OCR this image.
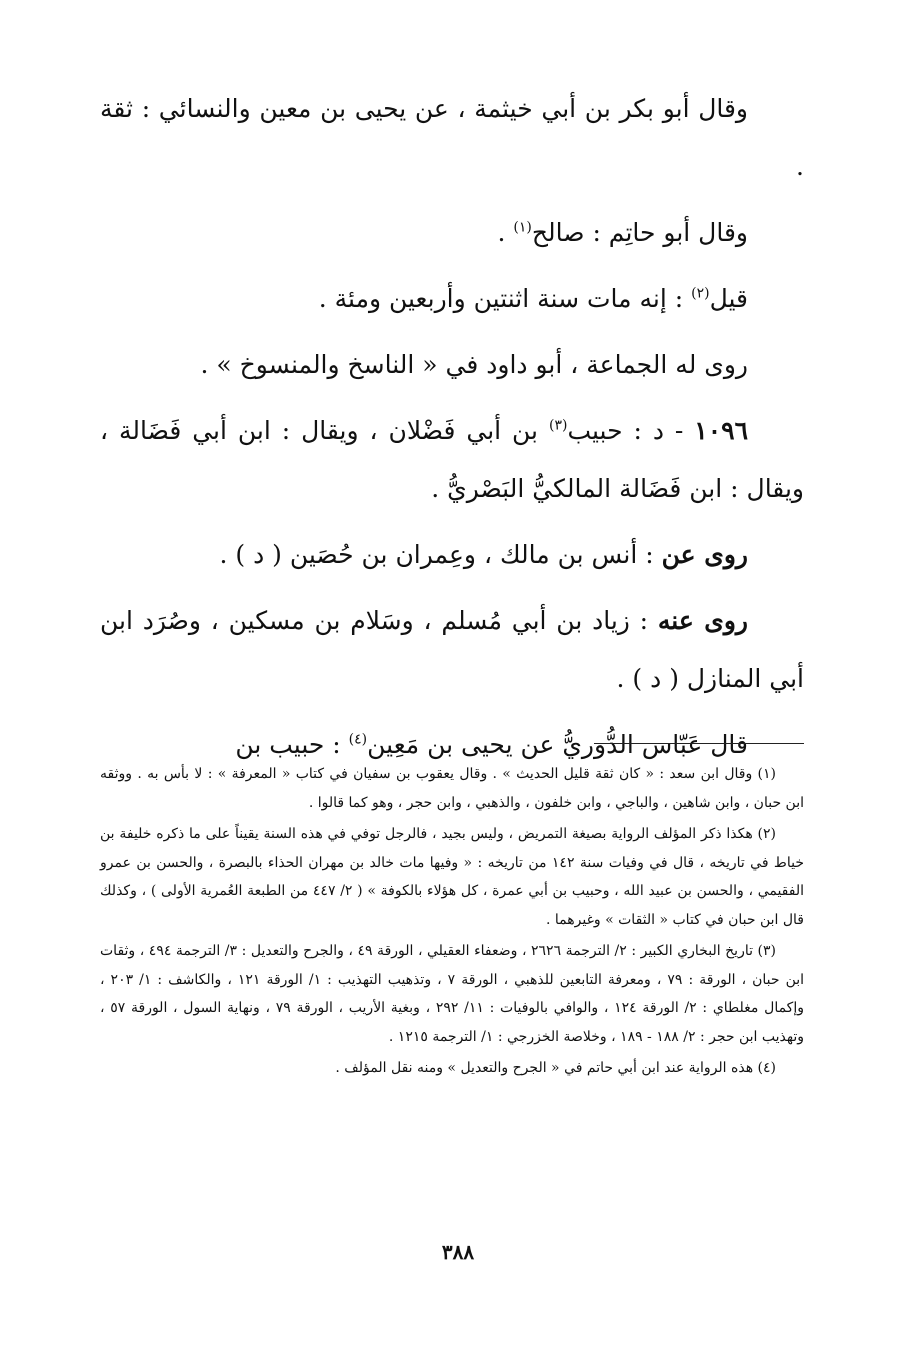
وقال أبو بكر بن أبي خيثمة ، عن يحيى بن معين والنسائي : ثقة .

وقال أبو حاتِم : صالح$^{(١)}$ .

قيل$^{(٢)}$ : إنه مات سنة اثنتين وأربعين ومئة .

روى له الجماعة ، أبو داود في « الناسخ والمنسوخ » .

١٠٩٦ - د : حبيب$^{(٣)}$ بن أبي فَضْلان ، ويقال : ابن أبي فَضَالة ، ويقال : ابن فَضَالة المالكيُّ البَصْريُّ .

روى عن : أنس بن مالك ، وعِمران بن حُصَين ( د ) .

روى عنه : زياد بن أبي مُسلم ، وسَلام بن مسكين ، وصُرَد ابن أبي المنازل ( د ) .

قال عَبّاس الدُّوريُّ عن يحيى بن مَعِين$^{(٤)}$ : حبيب بن

(١) وقال ابن سعد : « كان ثقة قليل الحديث » . وقال يعقوب بن سفيان في كتاب « المعرفة » : لا بأس به . ووثقه ابن حبان ، وابن شاهين ، والباجي ، وابن خلفون ، والذهبي ، وابن حجر ، وهو كما قالوا .

(٢) هكذا ذكر المؤلف الرواية بصيغة التمريض ، وليس بجيد ، فالرجل توفي في هذه السنة يقيناً على ما ذكره خليفة بن خياط في تاريخه ، قال في وفيات سنة ١٤٢ من تاريخه : « وفيها مات خالد بن مهران الحذاء بالبصرة ، والحسن بن عمرو الفقيمي ، والحسن بن عبيد الله ، وحبيب بن أبي عمرة ، كل هؤلاء بالكوفة » ( ٢/ ٤٤٧ من الطبعة العُمرية الأولى ) ، وكذلك قال ابن حبان في كتاب « الثقات » وغيرهما .

(٣) تاريخ البخاري الكبير : ٢/ الترجمة ٢٦٢٦ ، وضعفاء العقيلي ، الورقة ٤٩ ، والجرح والتعديل : ٣/ الترجمة ٤٩٤ ، وثقات ابن حبان ، الورقة : ٧٩ ، ومعرفة التابعين للذهبي ، الورقة ٧ ، وتذهيب التهذيب : ١/ الورقة ١٢١ ، والكاشف : ١/ ٢٠٣ ، وإكمال مغلطاي : ٢/ الورقة ١٢٤ ، والوافي بالوفيات : ١١/ ٢٩٢ ، وبغية الأريب ، الورقة ٧٩ ، ونهاية السول ، الورقة ٥٧ ، وتهذيب ابن حجر : ٢/ ١٨٨ - ١٨٩ ، وخلاصة الخزرجي : ١/ الترجمة ١٢١٥ .

(٤) هذه الرواية عند ابن أبي حاتم في « الجرح والتعديل » ومنه نقل المؤلف .

٣٨٨
